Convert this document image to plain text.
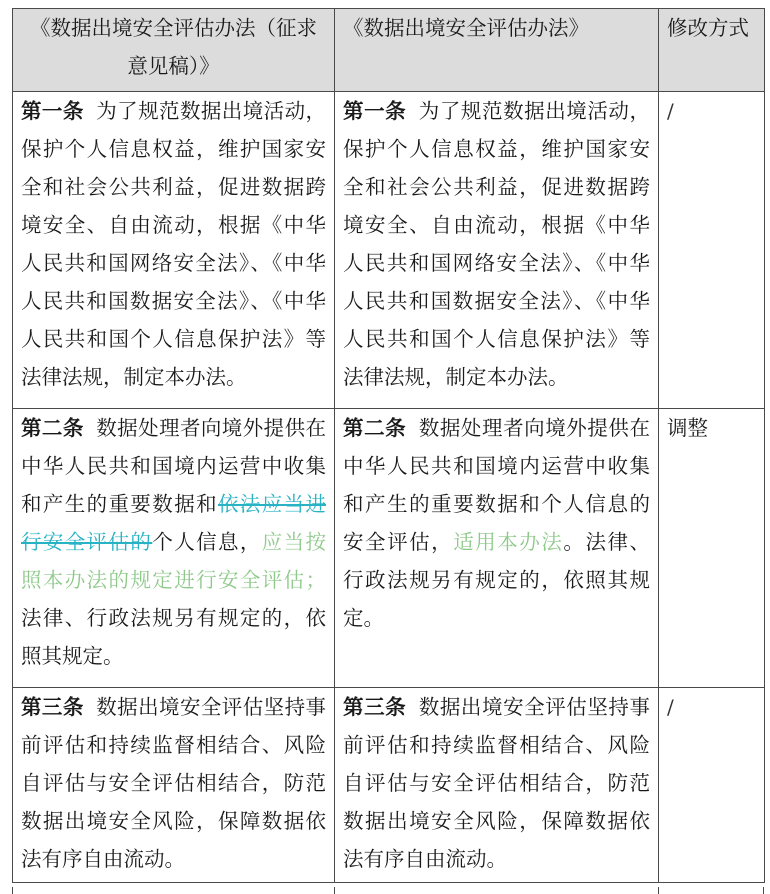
《数据出境安全评估办法（征求意见稿）》	《数据出境安全评估办法》	修改方式
第一条 为了规范数据出境活动，保护个人信息权益，维护国家安全和社会公共利益，促进数据跨境安全、自由流动，根据《中华人民共和国网络安全法》、《中华人民共和国数据安全法》、《中华人民共和国个人信息保护法》等法律法规，制定本办法。	第一条 为了规范数据出境活动，保护个人信息权益，维护国家安全和社会公共利益，促进数据跨境安全、自由流动，根据《中华人民共和国网络安全法》、《中华人民共和国数据安全法》、《中华人民共和国个人信息保护法》等法律法规，制定本办法。	/
第二条 数据处理者向境外提供在中华人民共和国境内运营中收集和产生的重要数据和依法应当进行安全评估的个人信息，应当按照本办法的规定进行安全评估；法律、行政法规另有规定的，依照其规定。	第二条 数据处理者向境外提供在中华人民共和国境内运营中收集和产生的重要数据和个人信息的安全评估，适用本办法。法律、行政法规另有规定的，依照其规定。	调整
第三条 数据出境安全评估坚持事前评估和持续监督相结合、风险自评估与安全评估相结合，防范数据出境安全风险，保障数据依法有序自由流动。	第三条 数据出境安全评估坚持事前评估和持续监督相结合、风险自评估与安全评估相结合，防范数据出境安全风险，保障数据依法有序自由流动。	/
